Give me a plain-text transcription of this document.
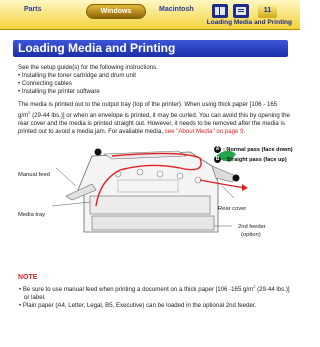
Parts	Windows	Macintosh	11
Loading Media and Printing
Loading Media and Printing
See the setup guide(s) for the following instructions.
• Installing the toner cartridge and drum unit
• Connecting cables
• Installing the printer software
The media is printed out to the output tray (top of the printer). When using thick paper [106 - 165 $g/m^2$ (29-44 lbs.)] or when an envelope is printed, it may be curled. You can avoid this by opening the rear cover and the media is printed straight out. However, it needs to be removed after the media is printed out to avoid a media jam. For available media, see "About Media" on page 9.
A : Normal pass (face down)
B : Straight pass (face up)
Manual feed
Media tray
Rear cover
2nd feeder
(option)
NOTE
• Be sure to use manual feed when printing a document on a thick paper [106 -165 $g/m^2$ (29-44 lbs.)] or label.
• Plain paper (A4, Letter, Legal, B5, Executive) can be loaded in the optional 2nd feeder.
